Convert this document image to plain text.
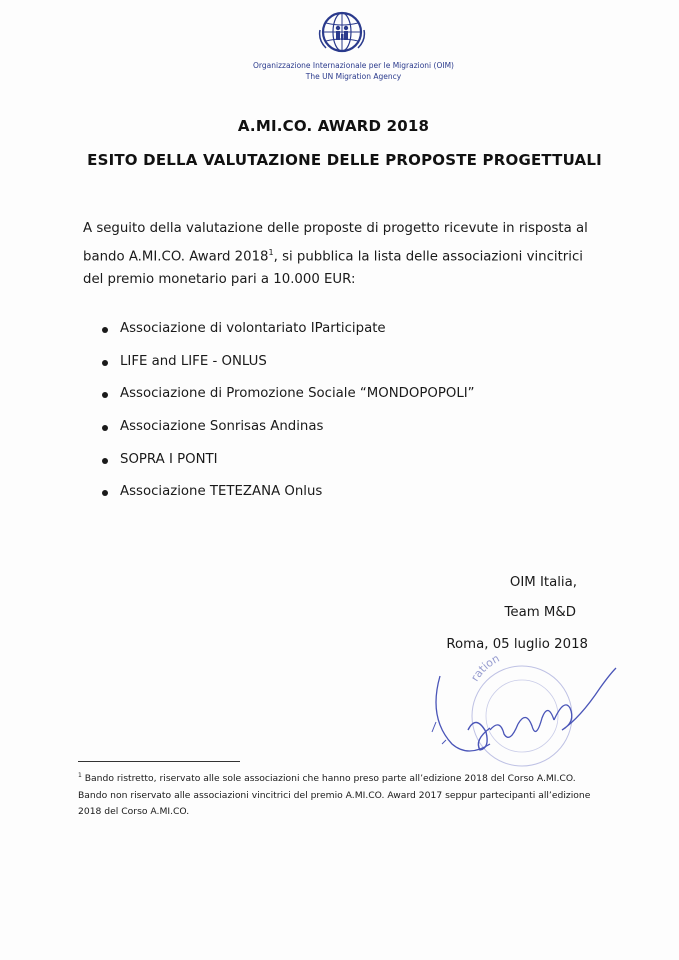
Organizzazione Internazionale per le Migrazioni (OIM)
The UN Migration Agency
A.MI.CO. AWARD 2018
ESITO DELLA VALUTAZIONE DELLE PROPOSTE PROGETTUALI

A seguito della valutazione delle proposte di progetto ricevute in risposta al bando A.MI.CO. Award 2018$^1$, si pubblica la lista delle associazioni vincitrici del premio monetario pari a 10.000 EUR:

Associazione di volontariato IParticipate
LIFE and LIFE - ONLUS
Associazione di Promozione Sociale “MONDOPOPOLI”
Associazione Sonrisas Andinas
SOPRA I PONTI
Associazione TETEZANA Onlus
OIM Italia,
Team M&D
Roma, 05 luglio 2018
ration
$^1$ Bando ristretto, riservato alle sole associazioni che hanno preso parte all’edizione 2018 del Corso A.MI.CO.
Bando non riservato alle associazioni vincitrici del premio A.MI.CO. Award 2017 seppur partecipanti all’edizione
2018 del Corso A.MI.CO.
